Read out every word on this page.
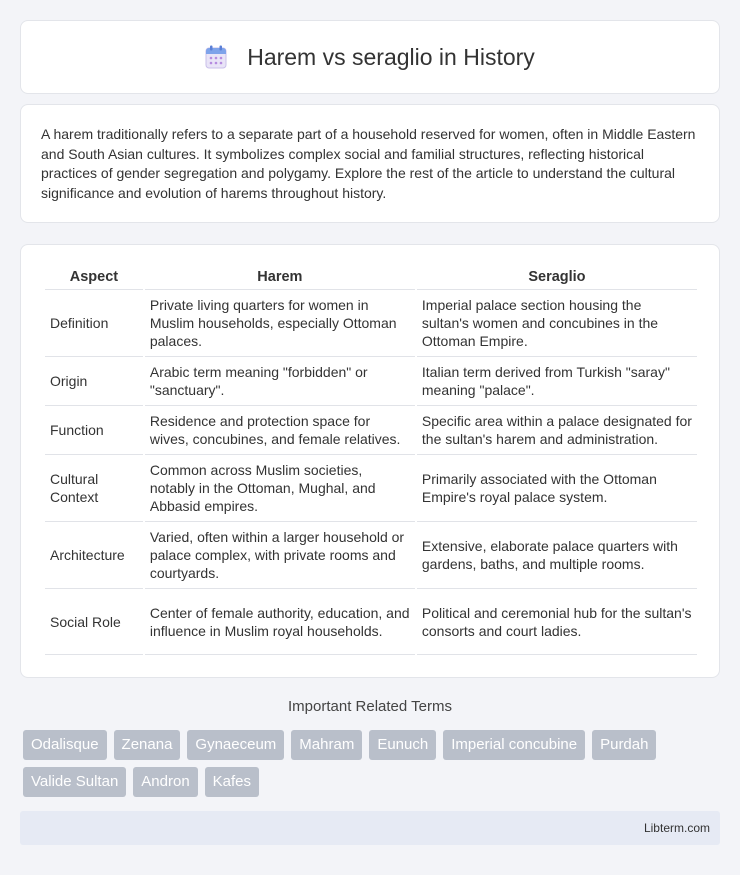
Harem vs seraglio in History

A harem traditionally refers to a separate part of a household reserved for women, often in Middle Eastern and South Asian cultures. It symbolizes complex social and familial structures, reflecting historical practices of gender segregation and polygamy. Explore the rest of the article to understand the cultural significance and evolution of harems throughout history.

Aspect	Harem	Seraglio
Definition	Private living quarters for women in Muslim households, especially Ottoman palaces.	Imperial palace section housing the sultan's women and concubines in the Ottoman Empire.
Origin	Arabic term meaning "forbidden" or "sanctuary".	Italian term derived from Turkish "saray" meaning "palace".
Function	Residence and protection space for wives, concubines, and female relatives.	Specific area within a palace designated for the sultan's harem and administration.
Cultural Context	Common across Muslim societies, notably in the Ottoman, Mughal, and Abbasid empires.	Primarily associated with the Ottoman Empire's royal palace system.
Architecture	Varied, often within a larger household or palace complex, with private rooms and courtyards.	Extensive, elaborate palace quarters with gardens, baths, and multiple rooms.
Social Role	Center of female authority, education, and influence in Muslim royal households.	Political and ceremonial hub for the sultan's consorts and court ladies.
Important Related Terms
Odalisque	Zenana	Gynaeceum	Mahram	Eunuch	Imperial concubine	Purdah
Valide Sultan	Andron	Kafes
Libterm.com
